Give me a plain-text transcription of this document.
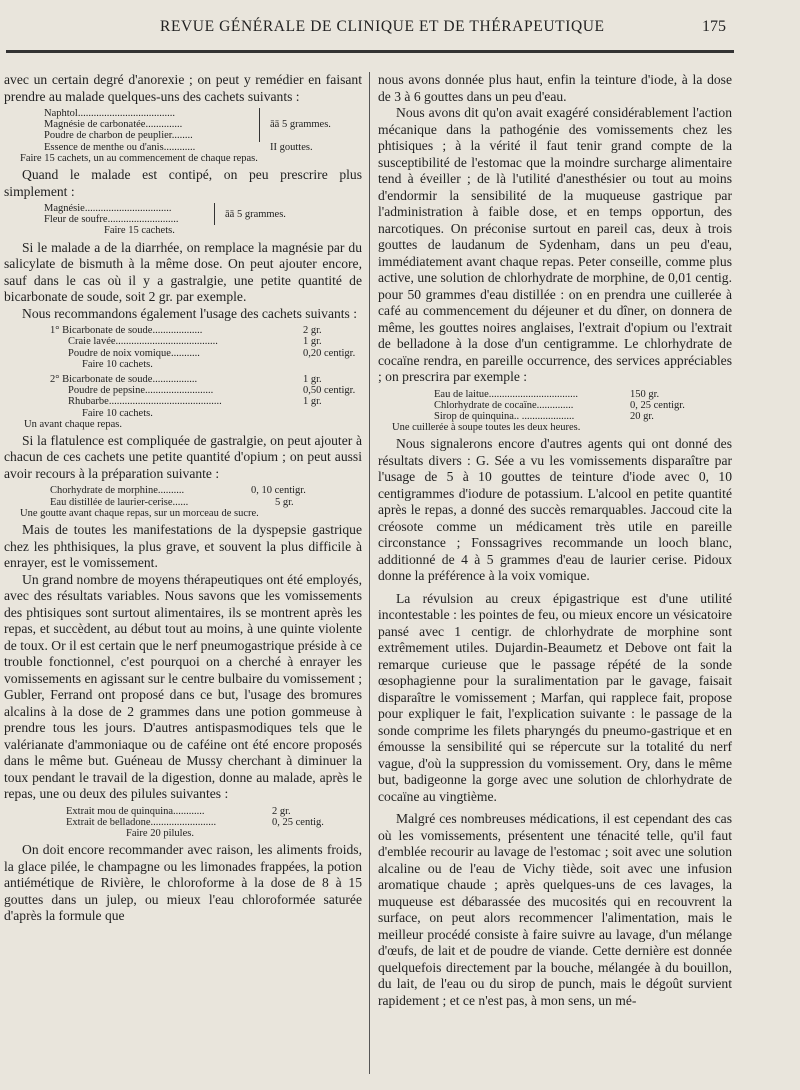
REVUE GÉNÉRALE DE CLINIQUE ET DE THÉRAPEUTIQUE	175

avec un certain degré d'anorexie ; on peut y remédier en faisant prendre au malade quelques-uns des cachets suivants :

Naphtol.....................................		āā 5 grammes.
Magnésie de carbonatée..............		
Poudre de charbon de peuplier........		
Essence de menthe ou d'anis............		II gouttes.
Faire 15 cachets, un au commencement de chaque repas.

Quand le malade est contipé, on peu prescrire plus simplement :

Magnésie.................................		āā 5 grammes.
Fleur de soufre...........................
Faire 15 cachets.

Si le malade a de la diarrhée, on remplace la magnésie par du salicylate de bismuth à la même dose. On peut ajouter encore, sauf dans le cas où il y a gastralgie, une petite quantité de bicarbonate de soude, soit 2 gr. par exemple.

Nous recommandons également l'usage des cachets suivants :

1° Bicarbonate de soude...................	2 gr.
Craie lavée.......................................	1 gr.
Poudre de noix vomique...........	0,20 centigr.
Faire 10 cachets.	
2° Bicarbonate de soude.................	1 gr.
Poudre de pepsine..........................	0,50 centigr.
Rhubarbe...........................................	1 gr.
Faire 10 cachets.	
Un avant chaque repas.	

Si la flatulence est compliquée de gastralgie, on peut ajouter à chacun de ces cachets une petite quantité d'opium ; on peut aussi avoir recours à la préparation suivante :

Chorhydrate de morphine..........	0, 10 centigr.
Eau distillée de laurier-cerise......	5 gr.
Une goutte avant chaque repas, sur un morceau de sucre.

Mais de toutes les manifestations de la dyspepsie gastrique chez les phthisiques, la plus grave, et souvent la plus difficile à enrayer, est le vomissement.

Un grand nombre de moyens thérapeutiques ont été employés, avec des résultats variables. Nous savons que les vomissements des phtisiques sont surtout alimentaires, ils se montrent après les repas, et succèdent, au début tout au moins, à une quinte violente de toux. Or il est certain que le nerf pneumogastrique préside à ce trouble fonctionnel, c'est pourquoi on a cherché à enrayer les vomissements en agissant sur le centre bulbaire du vomissement ; Gubler, Ferrand ont proposé dans ce but, l'usage des bromures alcalins à la dose de 2 grammes dans une potion gommeuse à prendre tous les jours. D'autres antispasmodiques tels que le valérianate d'ammoniaque ou de caféine ont été encore proposés dans le même but. Guéneau de Mussy cherchant à diminuer la toux pendant le travail de la digestion, donne au malade, après le repas, une ou deux des pilules suivantes :

Extrait mou de quinquina............	2 gr.
Extrait de belladone.........................	0, 25 centig.
Faire 20 pilules.	

On doit encore recommander avec raison, les aliments froids, la glace pilée, le champagne ou les limonades frappées, la potion antiémétique de Rivière, le chloroforme à la dose de 8 à 15 gouttes dans un julep, ou mieux l'eau chloroformée saturée d'après la formule que

nous avons donnée plus haut, enfin la teinture d'iode, à la dose de 3 à 6 gouttes dans un peu d'eau.

Nous avons dit qu'on avait exagéré considérablement l'action mécanique dans la pathogénie des vomissements chez les phtisiques ; à la vérité il faut tenir grand compte de la susceptibilité de l'estomac que la moindre surcharge alimentaire tend à éveiller ; de là l'utilité d'anesthésier ou tout au moins d'endormir la sensibilité de la muqueuse gastrique par l'administration à faible dose, et en temps opportun, des narcotiques. On préconise surtout en pareil cas, deux à trois gouttes de laudanum de Sydenham, dans un peu d'eau, immédiatement avant chaque repas. Peter conseille, comme plus active, une solution de chlorhydrate de morphine, de 0,01 centig. pour 50 grammes d'eau distillée : on en prendra une cuillerée à café au commencement du déjeuner et du dîner, on donnera de même, les gouttes noires anglaises, l'extrait d'opium ou l'extrait de belladone à la dose d'un centigramme. Le chlorhydrate de cocaïne rendra, en pareille occurrence, des services appréciables ; on prescrira par exemple :

Eau de laitue..................................	150 gr.
Chlorhydrate de cocaïne..............	0, 25 centigr.
Sirop de quinquina.. ....................	20 gr.
Une cuillerée à soupe toutes les deux heures.

Nous signalerons encore d'autres agents qui ont donné des résultats divers : G. Sée a vu les vomissements disparaître par l'usage de 5 à 10 gouttes de teinture d'iode avec 0, 10 centigrammes d'iodure de potassium. L'alcool en petite quantité après le repas, a donné des succès remarquables. Jaccoud cite la créosote comme un médicament très utile en pareille circonstance ; Fonssagrives recommande un looch blanc, additionné de 4 à 5 grammes d'eau de laurier cerise. Pidoux donne la préférence à la voix vomique.

La révulsion au creux épigastrique est d'une utilité incontestable : les pointes de feu, ou mieux encore un vésicatoire pansé avec 1 centigr. de chlorhydrate de morphine sont extrêmement utiles. Dujardin-Beaumetz et Debove ont fait la remarque curieuse que le passage répété de la sonde œsophagienne pour la suralimentation par le gavage, faisait disparaître le vomissement ; Marfan, qui rapplece fait, propose pour expliquer le fait, l'explication suivante : le passage de la sonde comprime les filets pharyngés du pneumo-gastrique et en émousse la sensibilité qui se répercute sur la totalité du nerf vague, d'où la suppression du vomissement. Ory, dans le même but, badigeonne la gorge avec une solution de chlorhydrate de cocaïne au vingtième.

Malgré ces nombreuses médications, il est cependant des cas où les vomissements, présentent une ténacité telle, qu'il faut d'emblée recourir au lavage de l'estomac ; soit avec une solution alcaline ou de l'eau de Vichy tiède, soit avec une infusion aromatique chaude ; après quelques-uns de ces lavages, la muqueuse est débarassée des mucosités qui en recouvrent la surface, on peut alors recommencer l'alimentation, mais le meilleur procédé consiste à faire suivre au lavage, d'un mélange d'œufs, de lait et de poudre de viande. Cette dernière est donnée quelquefois directement par la bouche, mélangée à du bouillon, du lait, de l'eau ou du sirop de punch, mais le dégoût survient rapidement ; et ce n'est pas, à mon sens, un mé-
